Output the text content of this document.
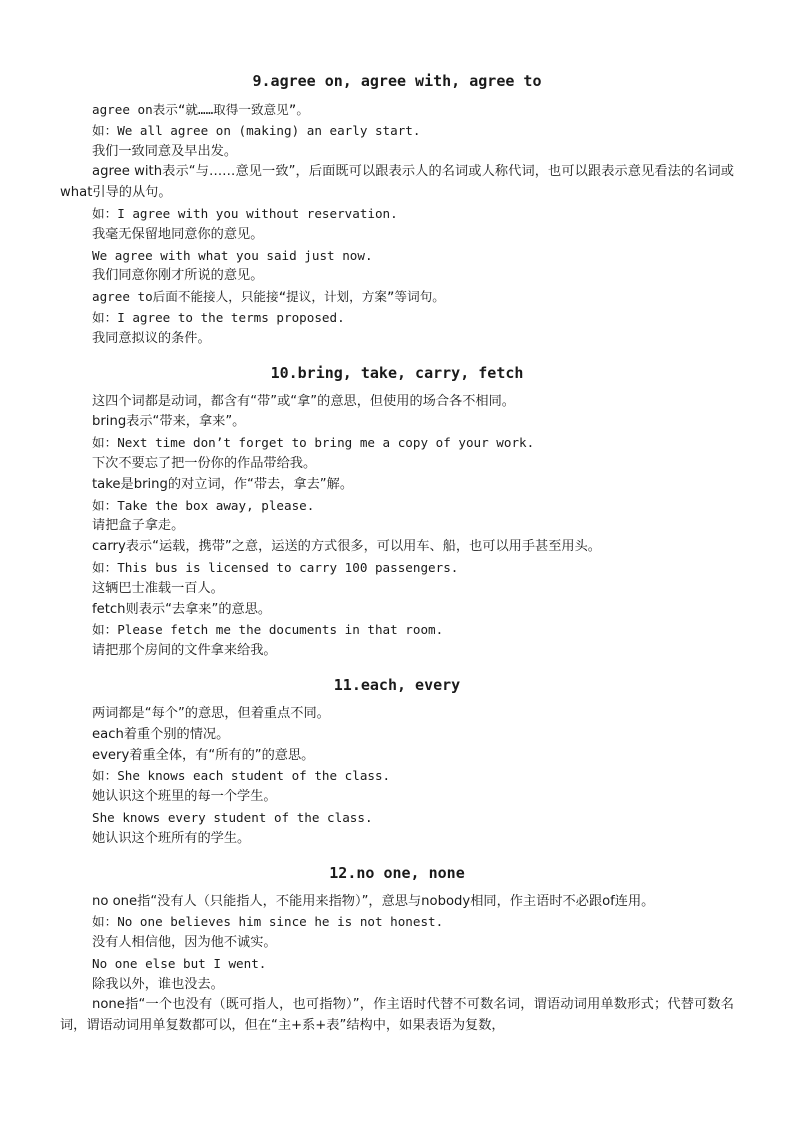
9.agree on, agree with, agree to

agree on表示“就……取得一致意见”。

如：We all agree on (making) an early start.

我们一致同意及早出发。

agree with表示“与……意见一致”，后面既可以跟表示人的名词或人称代词，也可以跟表示意见看法的名词或what引导的从句。

如：I agree with you without reservation.

我毫无保留地同意你的意见。

We agree with what you said just now.

我们同意你刚才所说的意见。

agree to后面不能接人，只能接“提议，计划，方案”等词句。

如：I agree to the terms proposed.

我同意拟议的条件。

10.bring, take, carry, fetch

这四个词都是动词，都含有“带”或“拿”的意思，但使用的场合各不相同。

bring表示“带来，拿来”。

如：Next time don’t forget to bring me a copy of your work.

下次不要忘了把一份你的作品带给我。

take是bring的对立词，作“带去，拿去”解。

如：Take the box away, please.

请把盒子拿走。

carry表示“运载，携带”之意，运送的方式很多，可以用车、船，也可以用手甚至用头。

如：This bus is licensed to carry 100 passengers.

这辆巴士准载一百人。

fetch则表示“去拿来”的意思。

如：Please fetch me the documents in that room.

请把那个房间的文件拿来给我。

11.each, every

两词都是“每个”的意思，但着重点不同。

each着重个别的情况。

every着重全体，有“所有的”的意思。

如：She knows each student of the class.

她认识这个班里的每一个学生。

She knows every student of the class.

她认识这个班所有的学生。

12.no one, none

no one指“没有人（只能指人，不能用来指物）”，意思与nobody相同，作主语时不必跟of连用。

如：No one believes him since he is not honest.

没有人相信他，因为他不诚实。

No one else but I went.

除我以外，谁也没去。

none指“一个也没有（既可指人，也可指物）”，作主语时代替不可数名词，谓语动词用单数形式；代替可数名词，谓语动词用单复数都可以，但在“主+系+表”结构中，如果表语为复数，
